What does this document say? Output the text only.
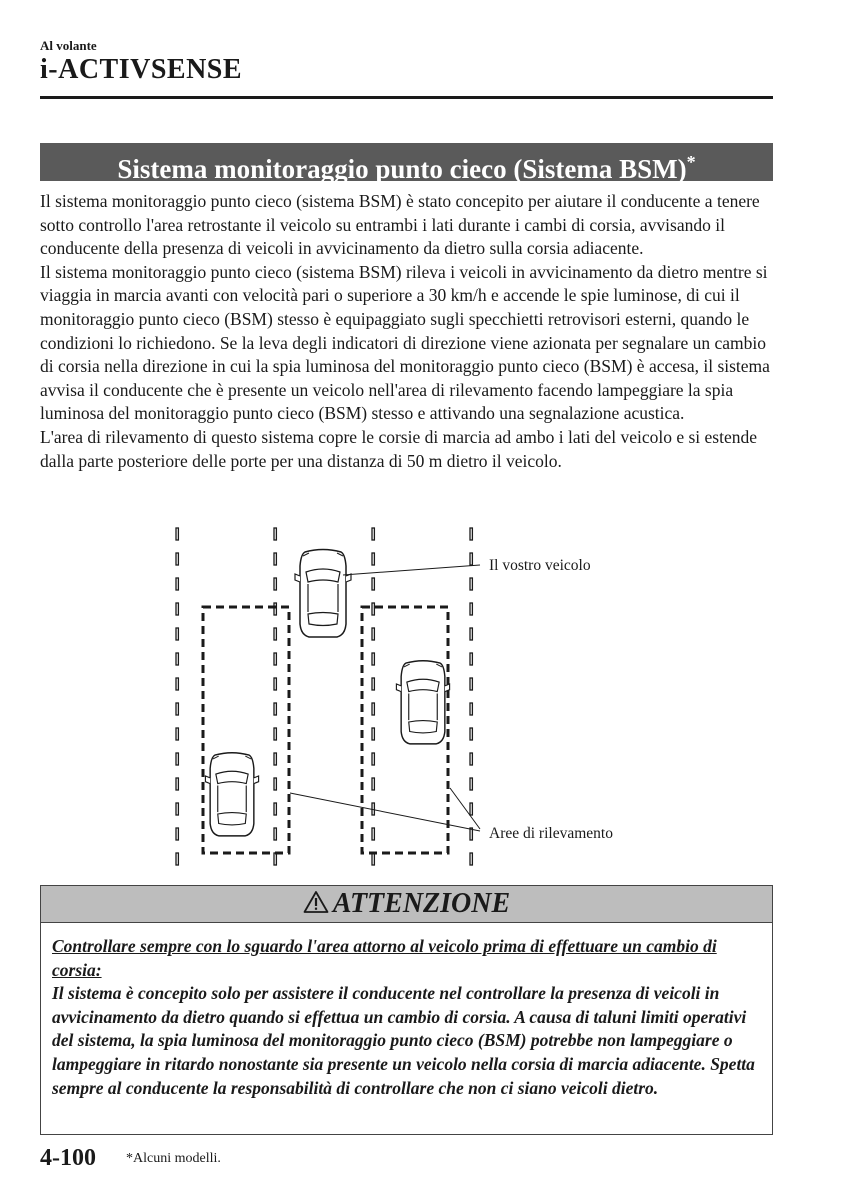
Al volante
i-ACTIVSENSE
Sistema monitoraggio punto cieco (Sistema BSM)*

Il sistema monitoraggio punto cieco (sistema BSM) è stato concepito per aiutare il conducente a tenere sotto controllo l'area retrostante il veicolo su entrambi i lati durante i cambi di corsia, avvisando il conducente della presenza di veicoli in avvicinamento da dietro sulla corsia adiacente.

Il sistema monitoraggio punto cieco (sistema BSM) rileva i veicoli in avvicinamento da dietro mentre si viaggia in marcia avanti con velocità pari o superiore a 30 km/h e accende le spie luminose, di cui il monitoraggio punto cieco (BSM) stesso è equipaggiato sugli specchietti retrovisori esterni, quando le condizioni lo richiedono. Se la leva degli indicatori di direzione viene azionata per segnalare un cambio di corsia nella direzione in cui la spia luminosa del monitoraggio punto cieco (BSM) è accesa, il sistema avvisa il conducente che è presente un veicolo nell'area di rilevamento facendo lampeggiare la spia luminosa del monitoraggio punto cieco (BSM) stesso e attivando una segnalazione acustica.

L'area di rilevamento di questo sistema copre le corsie di marcia ad ambo i lati del veicolo e si estende dalla parte posteriore delle porte per una distanza di 50 m dietro il veicolo.

Il vostro veicolo
Aree di rilevamento
ATTENZIONE
Controllare sempre con lo sguardo l'area attorno al veicolo prima di effettuare un cambio di corsia:
Il sistema è concepito solo per assistere il conducente nel controllare la presenza di veicoli in avvicinamento da dietro quando si effettua un cambio di corsia. A causa di taluni limiti operativi del sistema, la spia luminosa del monitoraggio punto cieco (BSM) potrebbe non lampeggiare o lampeggiare in ritardo nonostante sia presente un veicolo nella corsia di marcia adiacente. Spetta sempre al conducente la responsabilità di controllare che non ci siano veicoli dietro.
4-100 *Alcuni modelli.
